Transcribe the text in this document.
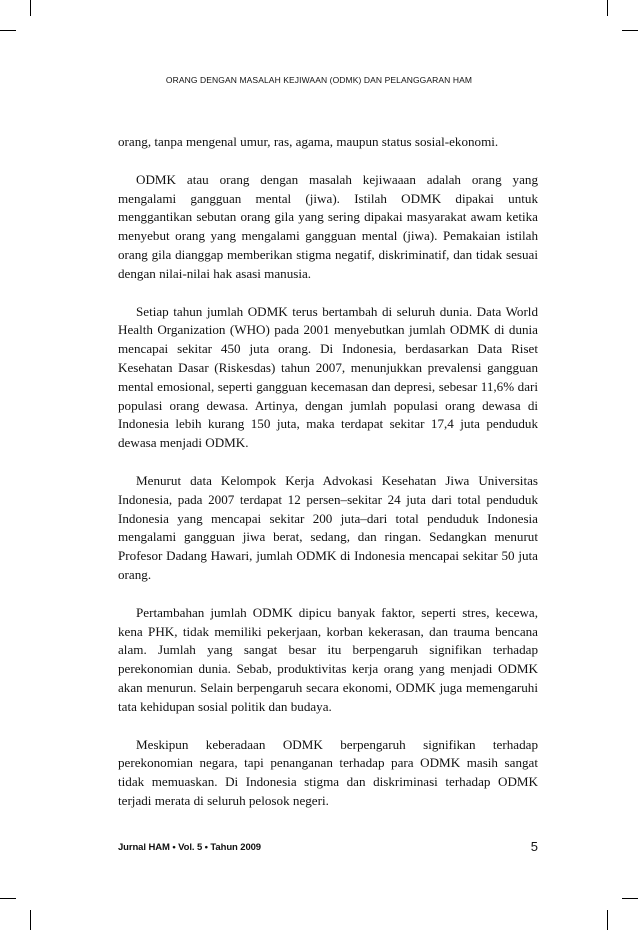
ORANG DENGAN MASALAH KEJIWAAN (ODMK) DAN PELANGGARAN HAM

orang, tanpa mengenal umur, ras, agama, maupun status sosial-ekonomi.

ODMK atau orang dengan masalah kejiwaaan adalah orang yang mengalami gangguan mental (jiwa). Istilah ODMK dipakai untuk menggantikan sebutan orang gila yang sering dipakai masyarakat awam ketika menyebut orang yang mengalami gangguan mental (jiwa). Pemakaian istilah orang gila dianggap memberikan stigma negatif, diskriminatif, dan tidak sesuai dengan nilai-nilai hak asasi manusia.

Setiap tahun jumlah ODMK terus bertambah di seluruh dunia. Data World Health Organization (WHO) pada 2001 menyebutkan jumlah ODMK di dunia mencapai sekitar 450 juta orang. Di Indonesia, berdasarkan Data Riset Kesehatan Dasar (Riskesdas) tahun 2007, menunjukkan prevalensi gangguan mental emosional, seperti gangguan kecemasan dan depresi, sebesar 11,6% dari populasi orang dewasa. Artinya, dengan jumlah populasi orang dewasa di Indonesia lebih kurang 150 juta, maka terdapat sekitar 17,4 juta penduduk dewasa menjadi ODMK.

Menurut data Kelompok Kerja Advokasi Kesehatan Jiwa Universitas Indonesia, pada 2007 terdapat 12 persen–sekitar 24 juta dari total penduduk Indonesia yang mencapai sekitar 200 juta–dari total penduduk Indonesia mengalami gangguan jiwa berat, sedang, dan ringan. Sedangkan menurut Profesor Dadang Hawari, jumlah ODMK di Indonesia mencapai sekitar 50 juta orang.

Pertambahan jumlah ODMK dipicu banyak faktor, seperti stres, kecewa, kena PHK, tidak memiliki pekerjaan, korban kekerasan, dan trauma bencana alam. Jumlah yang sangat besar itu berpengaruh signifikan terhadap perekonomian dunia. Sebab, produktivitas kerja orang yang menjadi ODMK akan menurun. Selain berpengaruh secara ekonomi, ODMK juga memengaruhi tata kehidupan sosial politik dan budaya.

Meskipun keberadaan ODMK berpengaruh signifikan terhadap perekonomian negara, tapi penanganan terhadap para ODMK masih sangat tidak memuaskan. Di Indonesia stigma dan diskriminasi terhadap ODMK terjadi merata di seluruh pelosok negeri.

Jurnal HAM • Vol. 5 • Tahun 2009	5
